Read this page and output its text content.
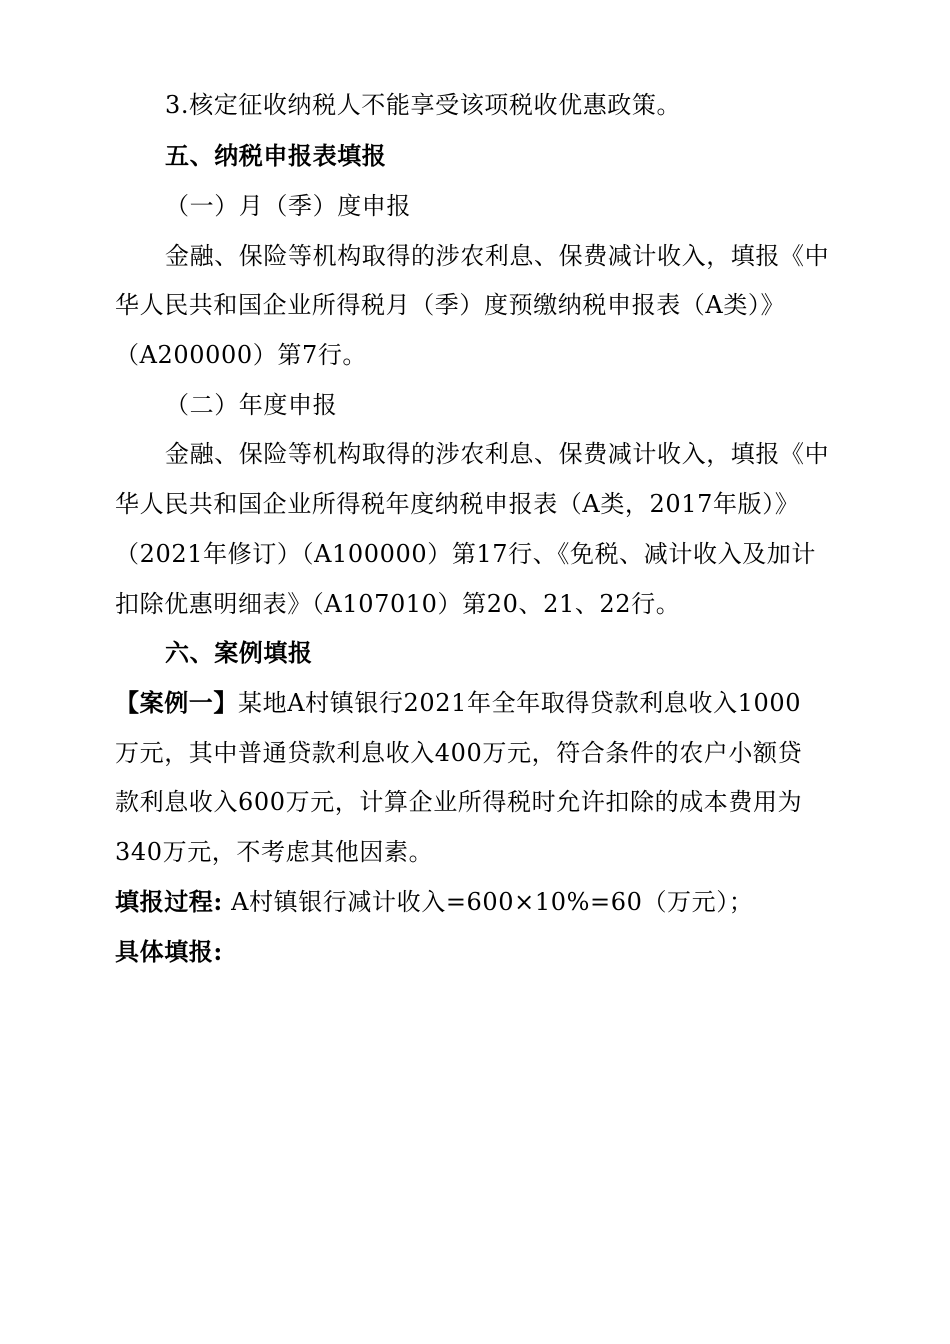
3.核定征收纳税人不能享受该项税收优惠政策。
五、纳税申报表填报
（一）月（季）度申报
金融、保险等机构取得的涉农利息、保费减计收入，填报《中
华人民共和国企业所得税月（季）度预缴纳税申报表（A类）》
（A200000）第7行。
（二）年度申报
金融、保险等机构取得的涉农利息、保费减计收入，填报《中
华人民共和国企业所得税年度纳税申报表（A类，2017年版）》
（2021年修订）（A100000）第17行、《免税、减计收入及加计
扣除优惠明细表》（A107010）第20、21、22行。
六、案例填报
【案例一】某地A村镇银行2021年全年取得贷款利息收入1000
万元，其中普通贷款利息收入400万元，符合条件的农户小额贷
款利息收入600万元，计算企业所得税时允许扣除的成本费用为
340万元，不考虑其他因素。
填报过程: A村镇银行减计收入=600×10%=60（万元）；
具体填报:
